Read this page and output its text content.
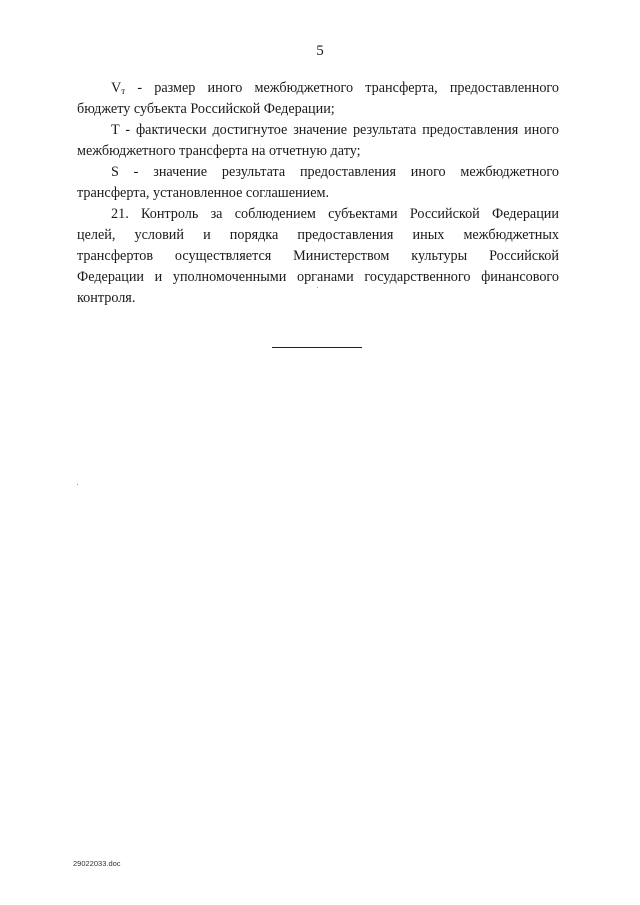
5

$V_т$ - размер иного межбюджетного трансферта, предоставленного бюджету субъекта Российской Федерации;

T - фактически достигнутое значение результата предоставления иного межбюджетного трансферта на отчетную дату;

S - значение результата предоставления иного межбюджетного трансферта, установленное соглашением.

21. Контроль за соблюдением субъектами Российской Федерации

целей, условий и порядка предоставления иных межбюджетных

трансфертов осуществляется Министерством культуры Российской

Федерации и уполномоченными органами государственного финансового

контроля.

29022033.doc
